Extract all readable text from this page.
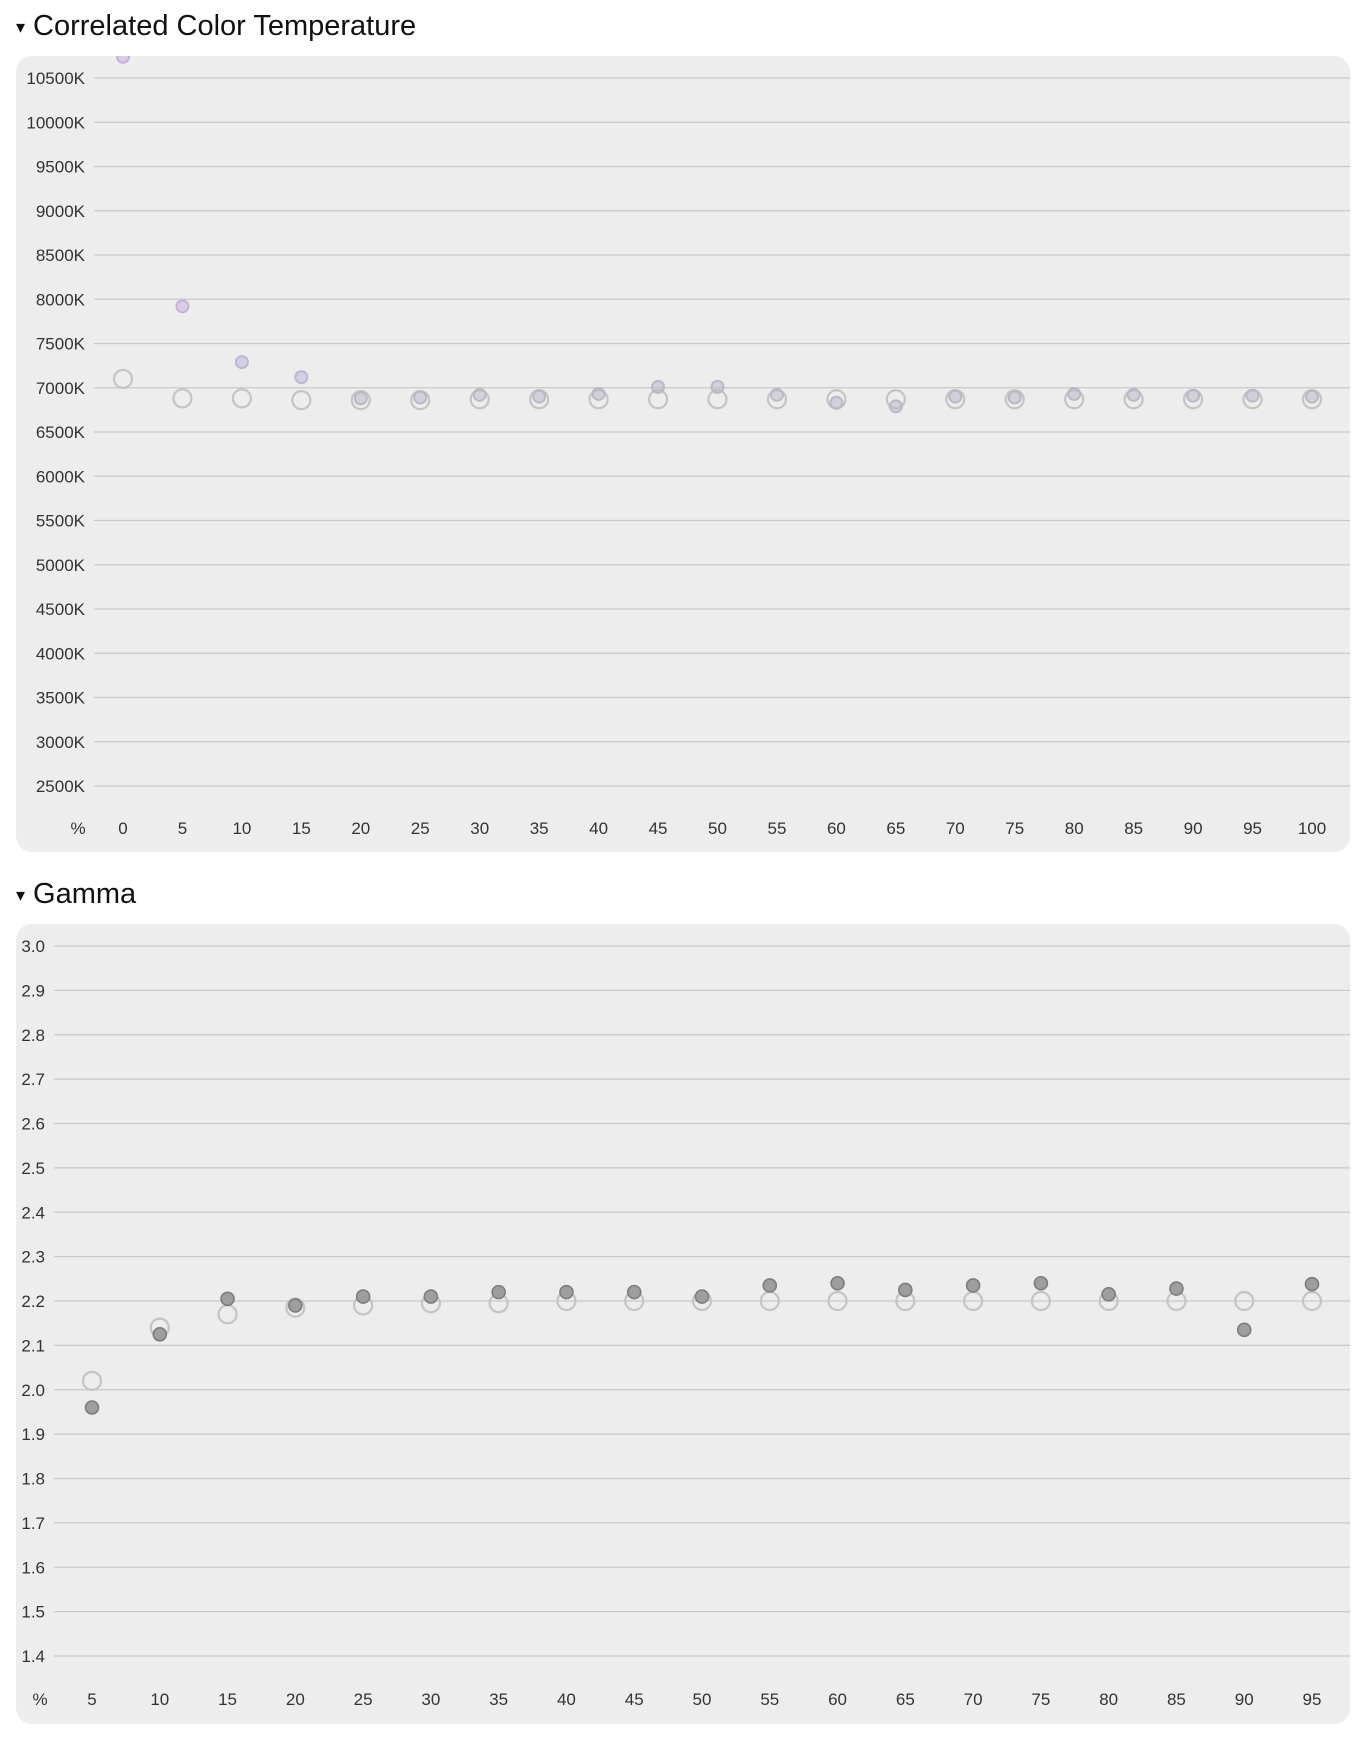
▾ Correlated Color Temperature
2500K
3000K
3500K
4000K
4500K
5000K
5500K
6000K
6500K
7000K
7500K
8000K
8500K
9000K
9500K
10000K
10500K
% 0	5	10 15 20 25 30 35 40 45 50 55 60 65 70 75 80 85 90 95 100
▾ Gamma
1.4
1.5
1.6
1.7
1.8
1.9
2.0
2.1
2.2
2.3
2.4
2.5
2.6
2.7
2.8
2.9
3.0
% 5	10	15	20	25	30	35	40	45	50	55	60	65	70	75	80	85	90	95
